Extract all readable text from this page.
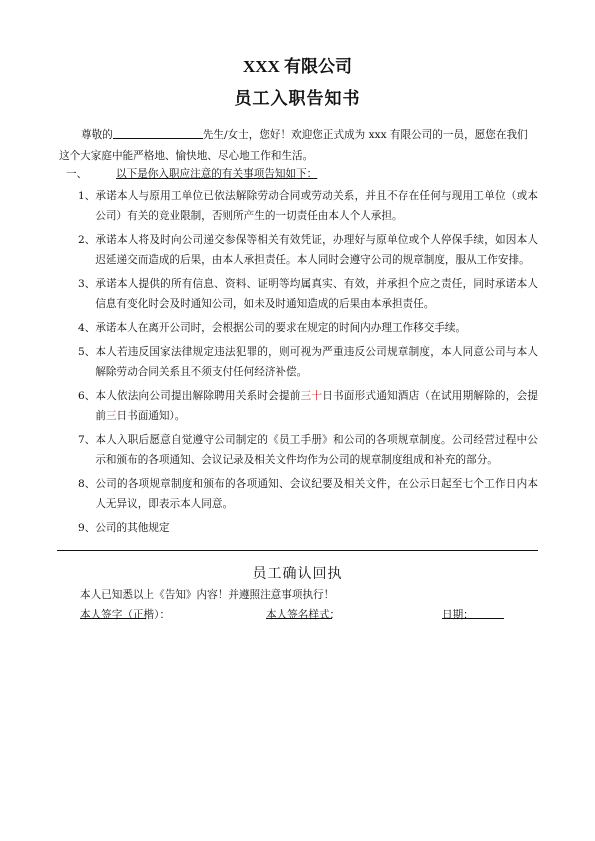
XXX 有限公司
员工入职告知书
尊敬的	先生/女士，您好！欢迎您正式成为 xxx 有限公司的一员，愿您在我们这个大家庭中能严格地、愉快地、尽心地工作和生活。
一、	以下是你入职应注意的有关事项告知如下：
1、 承诺本人与原用工单位已依法解除劳动合同或劳动关系，并且不存在任何与现用工单位（或本公司）有关的竞业限制，否则所产生的一切责任由本人个人承担。
2、 承诺本人将及时向公司递交参保等相关有效凭证，办理好与原单位或个人停保手续，如因本人迟延递交而造成的后果，由本人承担责任。本人同时会遵守公司的规章制度，服从工作安排。
3、 承诺本人提供的所有信息、资料、证明等均属真实、有效，并承担个应之责任，同时承诺本人信息有变化时会及时通知公司，如未及时通知造成的后果由本承担责任。
4、 承诺本人在离开公司时，会根据公司的要求在规定的时间内办理工作移交手续。
5、 本人若违反国家法律规定违法犯罪的，则可视为严重违反公司规章制度，本人同意公司与本人解除劳动合同关系且不须支付任何经济补偿。
6、 本人依法向公司提出解除聘用关系时会提前三十日书面形式通知酒店（在试用期解除的，会提前三日书面通知）。
7、 本人入职后愿意自觉遵守公司制定的《员工手册》和公司的各项规章制度。公司经营过程中公示和颁布的各项通知、会议记录及相关文件均作为公司的规章制度组成和补充的部分。
8、 公司的各项规章制度和颁布的各项通知、会议纪要及相关文件，在公示日起至七个工作日内本人无异议，即表示本人同意。
9、 公司的其他规定
员工确认回执
本人已知悉以上《告知》内容！并遵照注意事项执行！
本人签字（正楷）：	本人签名样式：	日期：
